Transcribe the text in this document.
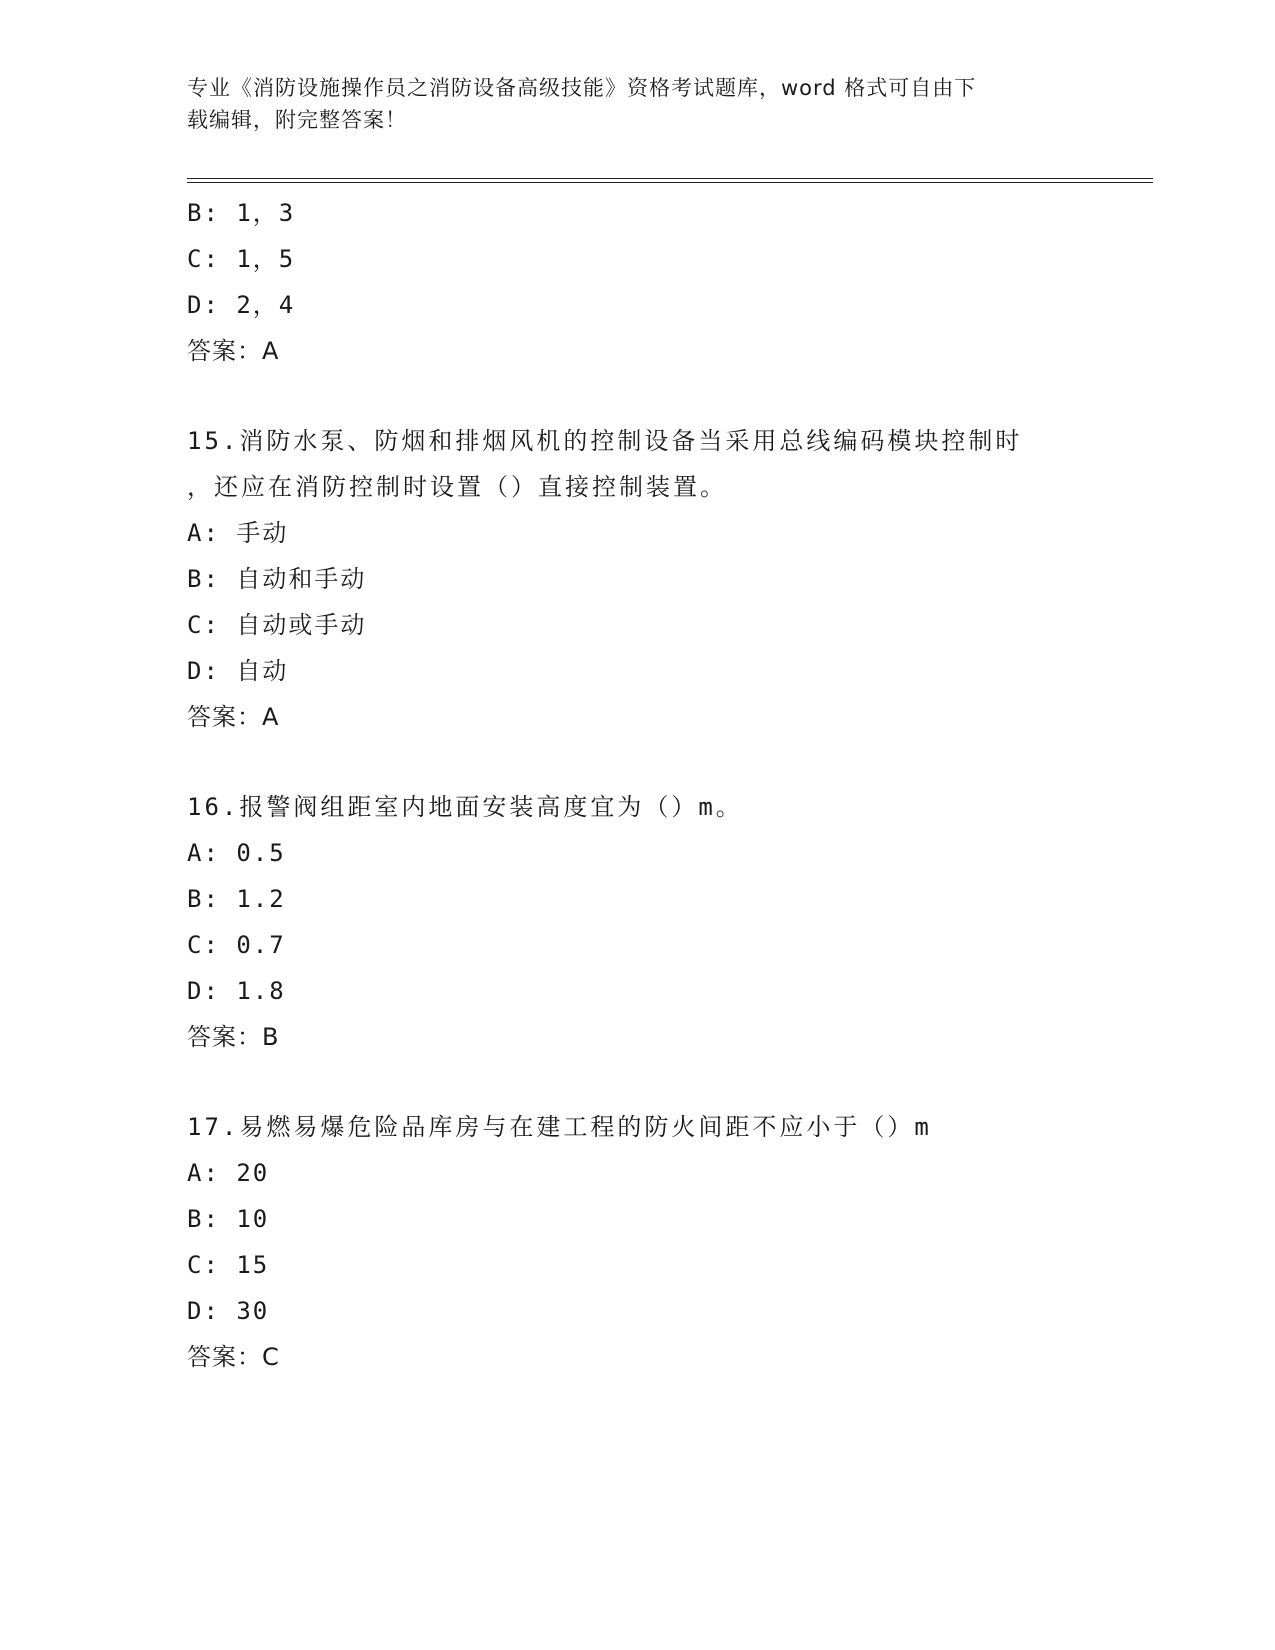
专业《消防设施操作员之消防设备高级技能》资格考试题库，word 格式可自由下
载编辑，附完整答案！
B: 1，3
C: 1，5
D: 2，4
答案：A
15.消防水泵、防烟和排烟风机的控制设备当采用总线编码模块控制时
，还应在消防控制时设置（）直接控制装置。
A: 手动
B: 自动和手动
C: 自动或手动
D: 自动
答案：A
16.报警阀组距室内地面安装高度宜为（）m。
A: 0.5
B: 1.2
C: 0.7
D: 1.8
答案：B
17.易燃易爆危险品库房与在建工程的防火间距不应小于（）m
A: 20
B: 10
C: 15
D: 30
答案：C
